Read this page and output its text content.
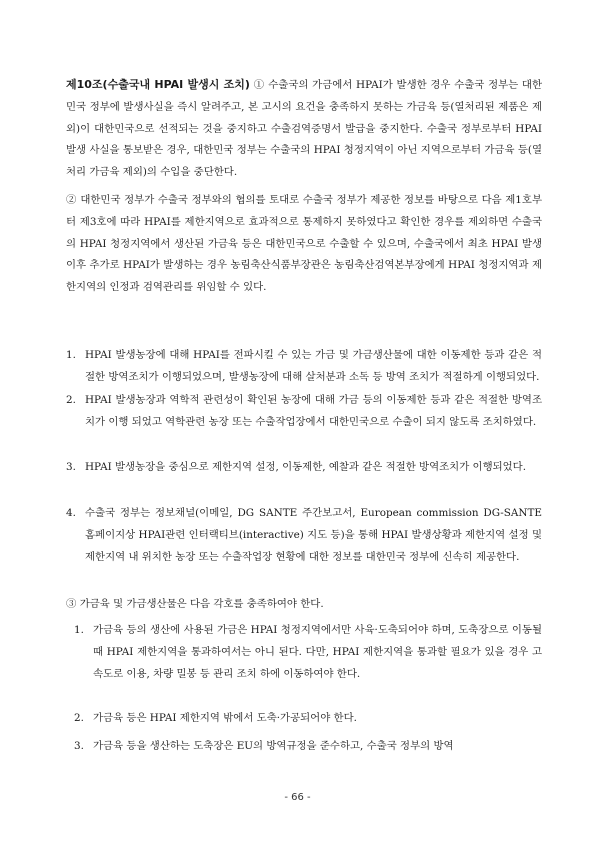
제10조(수출국내 HPAI 발생시 조치) ① 수출국의 가금에서 HPAI가 발생한 경우 수출국 정부는 대한민국 정부에 발생사실을 즉시 알려주고, 본 고시의 요건을 충족하지 못하는 가금육 등(열처리된 제품은 제외)이 대한민국으로 선적되는 것을 중지하고 수출검역증명서 발급을 중지한다. 수출국 정부로부터 HPAI 발생 사실을 통보받은 경우, 대한민국 정부는 수출국의 HPAI 청정지역이 아닌 지역으로부터 가금육 등(열처리 가금육 제외)의 수입을 중단한다.

② 대한민국 정부가 수출국 정부와의 협의를 토대로 수출국 정부가 제공한 정보를 바탕으로 다음 제1호부터 제3호에 따라 HPAI를 제한지역으로 효과적으로 통제하지 못하였다고 확인한 경우를 제외하면 수출국의 HPAI 청정지역에서 생산된 가금육 등은 대한민국으로 수출할 수 있으며, 수출국에서 최초 HPAI 발생 이후 추가로 HPAI가 발생하는 경우 농림축산식품부장관은 농림축산검역본부장에게 HPAI 청정지역과 제한지역의 인정과 검역관리를 위임할 수 있다.

1. HPAI 발생농장에 대해 HPAI를 전파시킬 수 있는 가금 및 가금생산물에 대한 이동제한 등과 같은 적절한 방역조치가 이행되었으며, 발생농장에 대해 살처분과 소독 등 방역 조치가 적절하게 이행되었다.

2. HPAI 발생농장과 역학적 관련성이 확인된 농장에 대해 가금 등의 이동제한 등과 같은 적절한 방역조치가 이행 되었고 역학관련 농장 또는 수출작업장에서 대한민국으로 수출이 되지 않도록 조치하였다.

3. HPAI 발생농장을 중심으로 제한지역 설정, 이동제한, 예찰과 같은 적절한 방역조치가 이행되었다.

4. 수출국 정부는 정보채널(이메일, DG SANTE 주간보고서, European commission DG-SANTE 홈페이지상 HPAI관련 인터랙티브(interactive) 지도 등)을 통해 HPAI 발생상황과 제한지역 설정 및 제한지역 내 위치한 농장 또는 수출작업장 현황에 대한 정보를 대한민국 정부에 신속히 제공한다.

③ 가금육 및 가금생산물은 다음 각호를 충족하여야 한다.

1. 가금육 등의 생산에 사용된 가금은 HPAI 청정지역에서만 사육·도축되어야 하며, 도축장으로 이동될 때 HPAI 제한지역을 통과하여서는 아니 된다. 다만, HPAI 제한지역을 통과할 필요가 있을 경우 고속도로 이용, 차량 밀봉 등 관리 조치 하에 이동하여야 한다.

2. 가금육 등은 HPAI 제한지역 밖에서 도축·가공되어야 한다.

3. 가금육 등을 생산하는 도축장은 EU의 방역규정을 준수하고, 수출국 정부의 방역

- 66 -
